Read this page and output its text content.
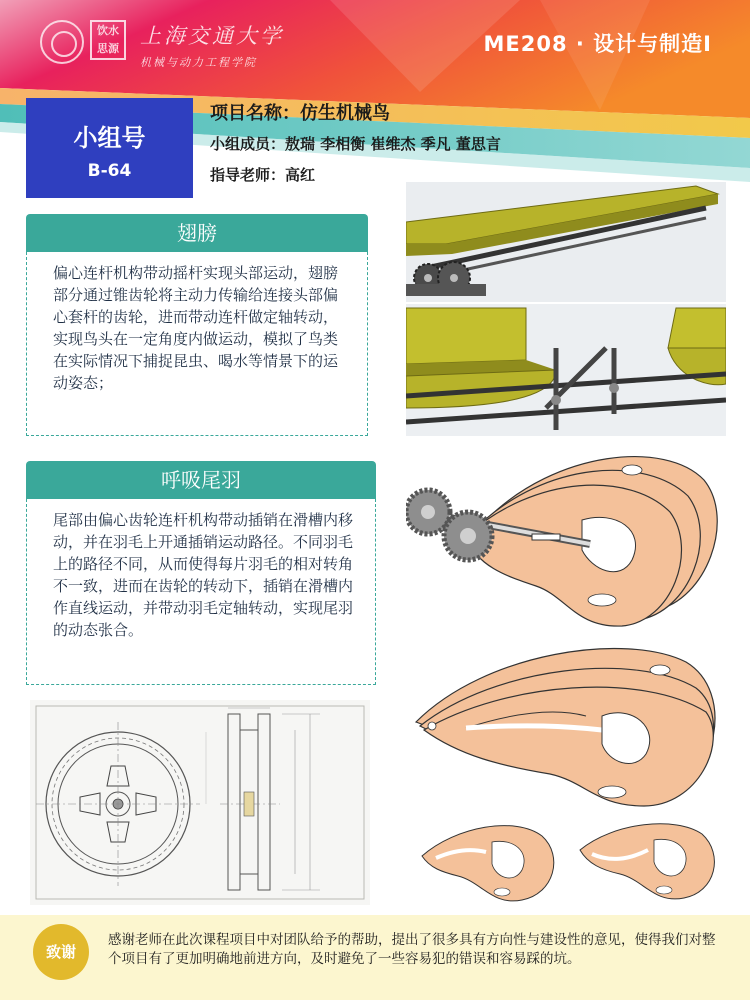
饮水思源
上海交通大学
机械与动力工程学院
ME208 · 设计与制造I
小组号
B-64
项目名称：仿生机械鸟
小组成员：敖瑞 李相衡 崔维杰 季凡 董思言
指导老师：高红
翅膀
偏心连杆机构带动摇杆实现头部运动，翅膀部分通过锥齿轮将主动力传输给连接头部偏心套杆的齿轮，进而带动连杆做定轴转动，实现鸟头在一定角度内做运动，模拟了鸟类在实际情况下捕捉昆虫、喝水等情景下的运动姿态；
呼吸尾羽
尾部由偏心齿轮连杆机构带动插销在滑槽内移动，并在羽毛上开通插销运动路径。不同羽毛上的路径不同，从而使得每片羽毛的相对转角不一致，进而在齿轮的转动下，插销在滑槽内作直线运动，并带动羽毛定轴转动，实现尾羽的动态张合。
致谢
感谢老师在此次课程项目中对团队给予的帮助，提出了很多具有方向性与建设性的意见，使得我们对整个项目有了更加明确地前进方向，及时避免了一些容易犯的错误和容易踩的坑。
